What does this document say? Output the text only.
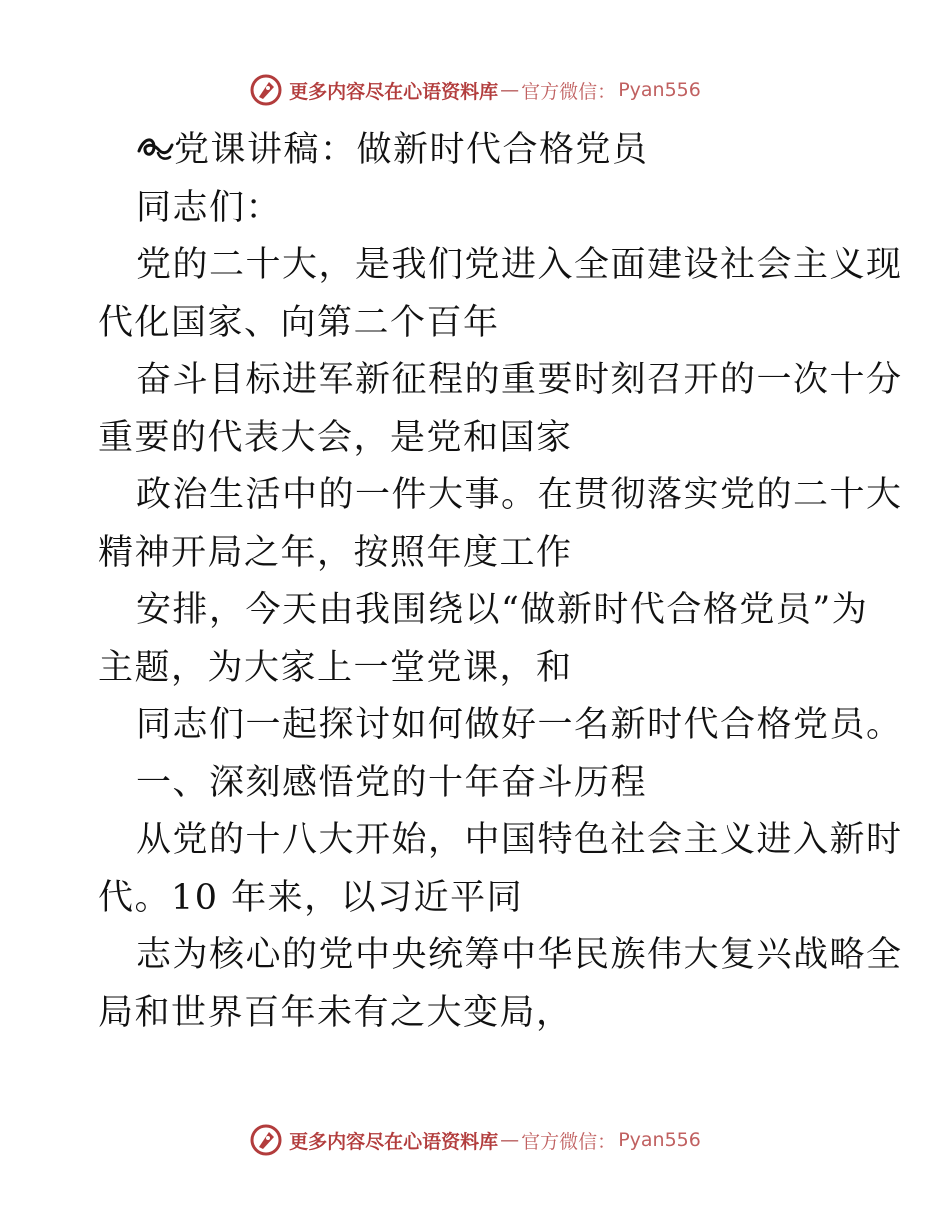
更多内容尽在心语资料库 — 官方微信： Pyan556

党课讲稿：做新时代合格党员

同志们：

党的二十大，是我们党进入全面建设社会主义现

代化国家、向第二个百年

奋斗目标进军新征程的重要时刻召开的一次十分

重要的代表大会，是党和国家

政治生活中的一件大事。在贯彻落实党的二十大

精神开局之年，按照年度工作

安排，今天由我围绕以“做新时代合格党员”为

主题，为大家上一堂党课，和

同志们一起探讨如何做好一名新时代合格党员。

一、深刻感悟党的十年奋斗历程

从党的十八大开始，中国特色社会主义进入新时

代。10 年来，以习近平同

志为核心的党中央统筹中华民族伟大复兴战略全

局和世界百年未有之大变局，

更多内容尽在心语资料库 — 官方微信： Pyan556
